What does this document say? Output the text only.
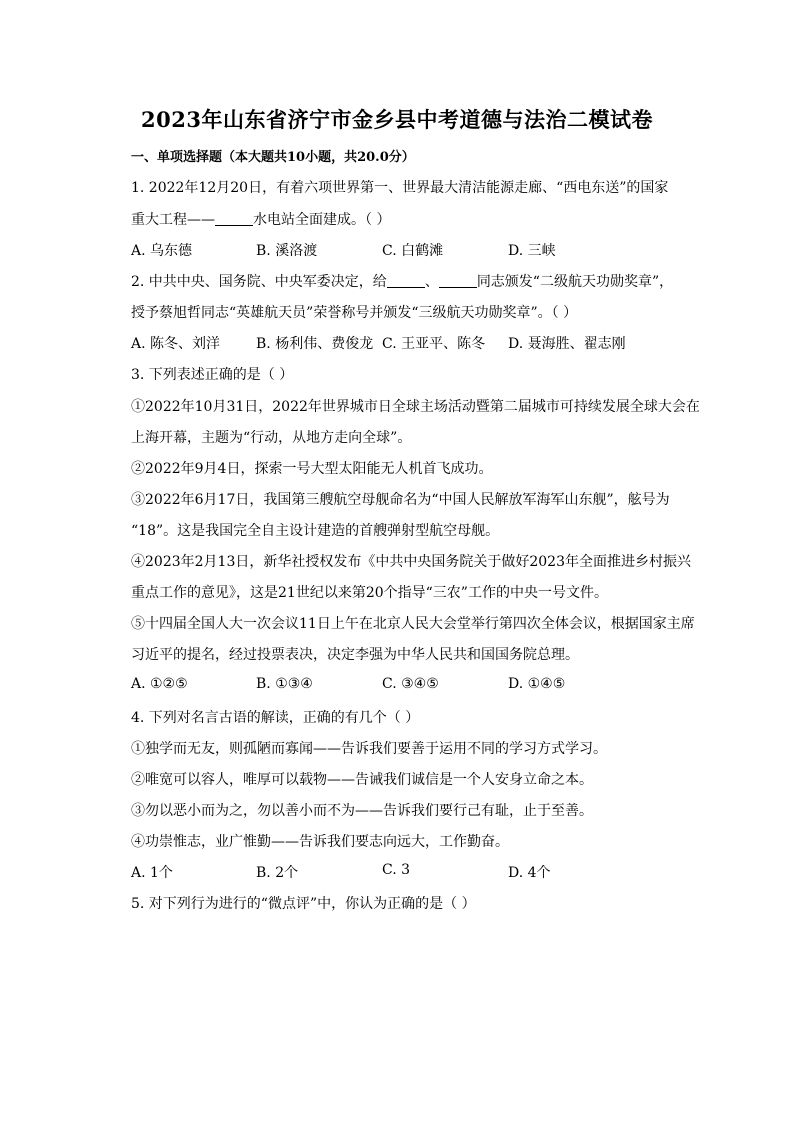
2023年山东省济宁市金乡县中考道德与法治二模试卷
一、单项选择题（本大题共10小题，共20.0分）
1. 2022年12月20日，有着六项世界第一、世界最大清洁能源走廊、“西电东送”的国家
重大工程——	水电站全面建成。（ ）
A. 乌东德	B. 溪洛渡	C. 白鹤滩	D. 三峡
2. 中共中央、国务院、中央军委决定，给	、	同志颁发“二级航天功勋奖章”，
授予蔡旭哲同志“英雄航天员”荣誉称号并颁发“三级航天功勋奖章”。（ ）
A. 陈冬、刘洋	B. 杨利伟、费俊龙 C. 王亚平、陈冬 D. 聂海胜、翟志刚
3. 下列表述正确的是（ ）
①2022年10月31日，2022年世界城市日全球主场活动暨第二届城市可持续发展全球大会在
上海开幕，主题为“行动，从地方走向全球”。
②2022年9月4日，探索一号大型太阳能无人机首飞成功。
③2022年6月17日，我国第三艘航空母舰命名为“中国人民解放军海军山东舰”，舷号为
“18”。这是我国完全自主设计建造的首艘弹射型航空母舰。
④2023年2月13日，新华社授权发布《中共中央国务院关于做好2023年全面推进乡村振兴
重点工作的意见》，这是21世纪以来第20个指导“三农”工作的中央一号文件。
⑤十四届全国人大一次会议11日上午在北京人民大会堂举行第四次全体会议，根据国家主席
习近平的提名，经过投票表决，决定李强为中华人民共和国国务院总理。
A. ①②⑤	B. ①③④	C. ③④⑤	D. ①④⑤
4. 下列对名言古语的解读，正确的有几个（ ）
①独学而无友，则孤陋而寡闻——告诉我们要善于运用不同的学习方式学习。
②唯宽可以容人，唯厚可以载物——告诫我们诚信是一个人安身立命之本。
③勿以恶小而为之，勿以善小而不为——告诉我们要行己有耻，止于至善。
④功崇惟志，业广惟勤——告诉我们要志向远大，工作勤奋。
A. 1个	B. 2个	C. 3	D. 4个
5. 对下列行为进行的“微点评”中，你认为正确的是（ ）
